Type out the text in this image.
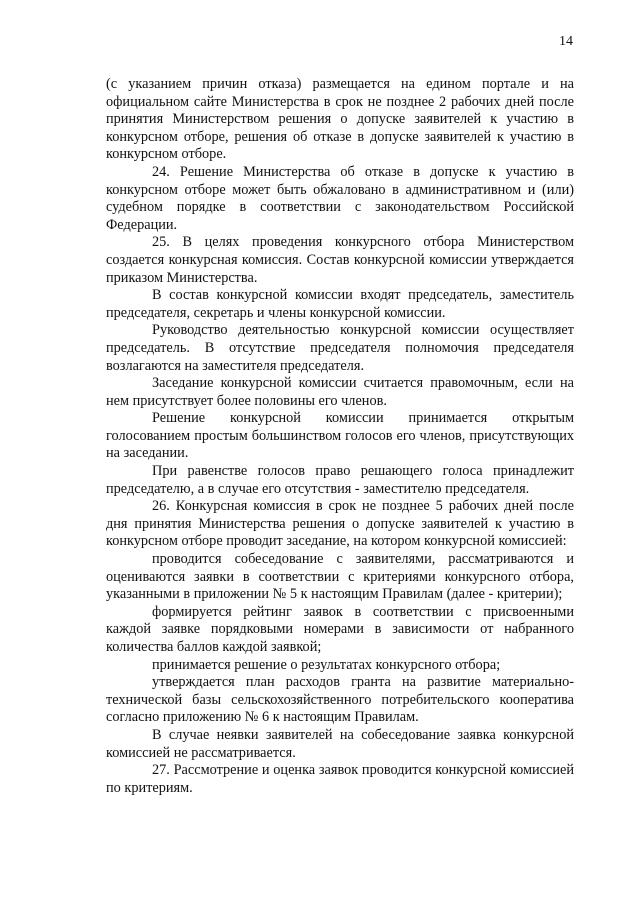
14

(с указанием причин отказа) размещается на едином портале и на официальном сайте Министерства в срок не позднее 2 рабочих дней после принятия Министерством решения о допуске заявителей к участию в конкурсном отборе, решения об отказе в допуске заявителей к участию в конкурсном отборе.

24. Решение Министерства об отказе в допуске к участию в конкурсном отборе может быть обжаловано в административном и (или) судебном порядке в соответствии с законодательством Российской Федерации.

25. В целях проведения конкурсного отбора Министерством создается конкурсная комиссия. Состав конкурсной комиссии утверждается приказом Министерства.

В состав конкурсной комиссии входят председатель, заместитель председателя, секретарь и члены конкурсной комиссии.

Руководство деятельностью конкурсной комиссии осуществляет председатель. В отсутствие председателя полномочия председателя возлагаются на заместителя председателя.

Заседание конкурсной комиссии считается правомочным, если на нем присутствует более половины его членов.

Решение конкурсной комиссии принимается открытым голосованием простым большинством голосов его членов, присутствующих на заседании.

При равенстве голосов право решающего голоса принадлежит председателю, а в случае его отсутствия - заместителю председателя.

26. Конкурсная комиссия в срок не позднее 5 рабочих дней после дня принятия Министерства решения о допуске заявителей к участию в конкурсном отборе проводит заседание, на котором конкурсной комиссией:

проводится собеседование с заявителями, рассматриваются и оцениваются заявки в соответствии с критериями конкурсного отбора, указанными в приложении № 5 к настоящим Правилам (далее - критерии);

формируется рейтинг заявок в соответствии с присвоенными каждой заявке порядковыми номерами в зависимости от набранного количества баллов каждой заявкой;

принимается решение о результатах конкурсного отбора;

утверждается план расходов гранта на развитие материально-технической базы сельскохозяйственного потребительского кооператива согласно приложению № 6 к настоящим Правилам.

В случае неявки заявителей на собеседование заявка конкурсной комиссией не рассматривается.

27. Рассмотрение и оценка заявок проводится конкурсной комиссией по критериям.
